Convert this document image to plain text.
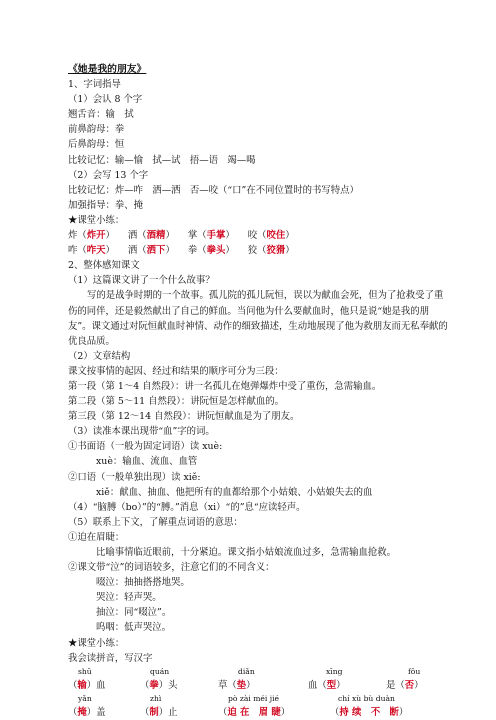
《她是我的朋友》
1、字词指导
（1）会认 8 个字
翘舌音：输　拭
前鼻韵母：拳
后鼻韵母：恒
比较记忆：输—愉　拭—试　捂—语　竭—喝
（2）会写 13 个字
比较记忆：炸—咋　洒—洒　否—咬（“口”在不同位置时的书写特点）
加强指导：拳、掩
★课堂小练：
炸（炸开） 洒（酒精） 掌（手掌） 咬（咬住）
咋（咋天） 洒（洒下） 拳（拳头） 狡（狡猾）
2、整体感知课文
（1）这篇课文讲了一个什么故事？
写的是战争时期的一个故事。孤儿院的孤儿阮恒，误以为献血会死，但为了抢救受了重伤的同伴，还是毅然献出了自己的鲜血。当问他为什么要献血时，他只是说“她是我的朋友”。课文通过对阮恒献血时神情、动作的细致描述，生动地展现了他为救朋友而无私奉献的优良品质。
（2）文章结构
课文按事情的起因、经过和结果的顺序可分为三段：
第一段（第 1～4 自然段）：讲一名孤儿在炮弹爆炸中受了重伤，急需输血。
第二段（第 5～11 自然段）：讲阮恒是怎样献血的。
第三段（第 12～14 自然段）：讲阮恒献血是为了朋友。
（3）读准本课出现带“血”字的词。
①书面语（一般为固定词语）读 xuè:
xuè：输血、流血、血管
②口语（一般单独出现）读 xiě:
xiě：献血、抽血、他把所有的血都给那个小姑娘、小姑娘失去的血
（4）“脑膊（bo）”的“膊。”消息（xi）“的”息“应读轻声。
（5）联系上下文，了解重点词语的意思：
①迫在眉睫：
比喻事情临近眼前，十分紧迫。课文指小姑娘流血过多，急需输血抢救。
②课文带“泣”的词语较多，注意它们的不同含义：
啜泣：抽抽搭搭地哭。
哭泣：轻声哭。
抽泣：同“啜泣”。
呜咽：低声哭泣。
★课堂小练：
我会读拼音，写汉字
shū	quán	diǎn	xīng	fǒu
（输）血	（拳）头	草（垫）	血（型）	是（否）
yǎn	zhì	pò zài méi jié	chí xù bù duàn
（掩）盖	（制）止	（迫 在　眉 睫）	（持 续　不　断）
